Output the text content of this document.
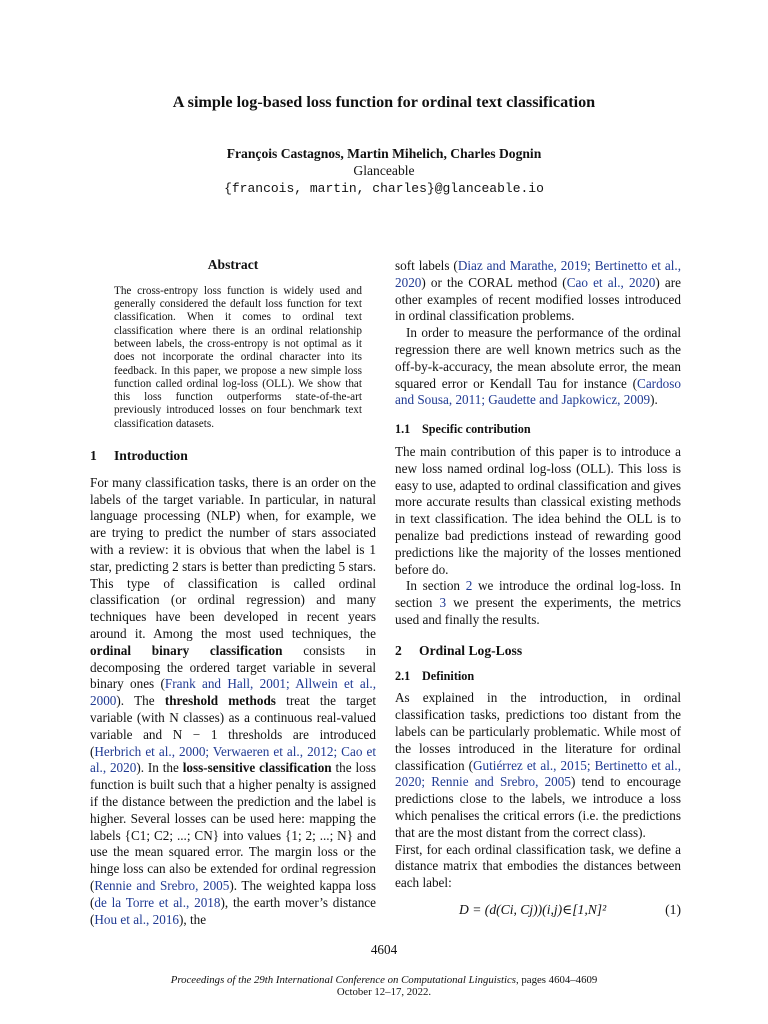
A simple log-based loss function for ordinal text classification
François Castagnos, Martin Mihelich, Charles Dognin
Glanceable
{francois, martin, charles}@glanceable.io
Abstract
The cross-entropy loss function is widely used and generally considered the default loss function for text classification. When it comes to ordinal text classification where there is an ordinal relationship between labels, the cross-entropy is not optimal as it does not incorporate the ordinal character into its feedback. In this paper, we propose a new simple loss function called ordinal log-loss (OLL). We show that this loss function outperforms state-of-the-art previously introduced losses on four benchmark text classification datasets.
1 Introduction

For many classification tasks, there is an order on the labels of the target variable. In particular, in natural language processing (NLP) when, for example, we are trying to predict the number of stars associated with a review: it is obvious that when the label is 1 star, predicting 2 stars is better than predicting 5 stars. This type of classification is called ordinal classification (or ordinal regression) and many techniques have been developed in recent years around it. Among the most used techniques, the ordinal binary classification consists in decomposing the ordered target variable in several binary ones (Frank and Hall, 2001; Allwein et al., 2000). The threshold methods treat the target variable (with N classes) as a continuous real-valued variable and N − 1 thresholds are introduced (Herbrich et al., 2000; Verwaeren et al., 2012; Cao et al., 2020). In the loss-sensitive classification the loss function is built such that a higher penalty is assigned if the distance between the prediction and the label is higher. Several losses can be used here: mapping the labels {C1; C2; ...; CN} into values {1; 2; ...; N} and use the mean squared error. The margin loss or the hinge loss can also be extended for ordinal regression (Rennie and Srebro, 2005). The weighted kappa loss (de la Torre et al., 2018), the earth mover’s distance (Hou et al., 2016), the

soft labels (Diaz and Marathe, 2019; Bertinetto et al., 2020) or the CORAL method (Cao et al., 2020) are other examples of recent modified losses introduced in ordinal classification problems.

In order to measure the performance of the ordinal regression there are well known metrics such as the off-by-k-accuracy, the mean absolute error, the mean squared error or Kendall Tau for instance (Cardoso and Sousa, 2011; Gaudette and Japkowicz, 2009).

1.1 Specific contribution

The main contribution of this paper is to introduce a new loss named ordinal log-loss (OLL). This loss is easy to use, adapted to ordinal classification and gives more accurate results than classical existing methods in text classification. The idea behind the OLL is to penalize bad predictions instead of rewarding good predictions like the majority of the losses mentioned before do.

In section 2 we introduce the ordinal log-loss. In section 3 we present the experiments, the metrics used and finally the results.

2 Ordinal Log-Loss
2.1 Definition

As explained in the introduction, in ordinal classification tasks, predictions too distant from the labels can be particularly problematic. While most of the losses introduced in the literature for ordinal classification (Gutiérrez et al., 2015; Bertinetto et al., 2020; Rennie and Srebro, 2005) tend to encourage predictions close to the labels, we introduce a loss which penalises the critical errors (i.e. the predictions that are the most distant from the correct class).

First, for each ordinal classification task, we define a distance matrix that embodies the distances between each label:

D = (d(Ci, Cj))(i,j)∈[1,N]²	(1)
4604
Proceedings of the 29th International Conference on Computational Linguistics, pages 4604–4609
October 12–17, 2022.
